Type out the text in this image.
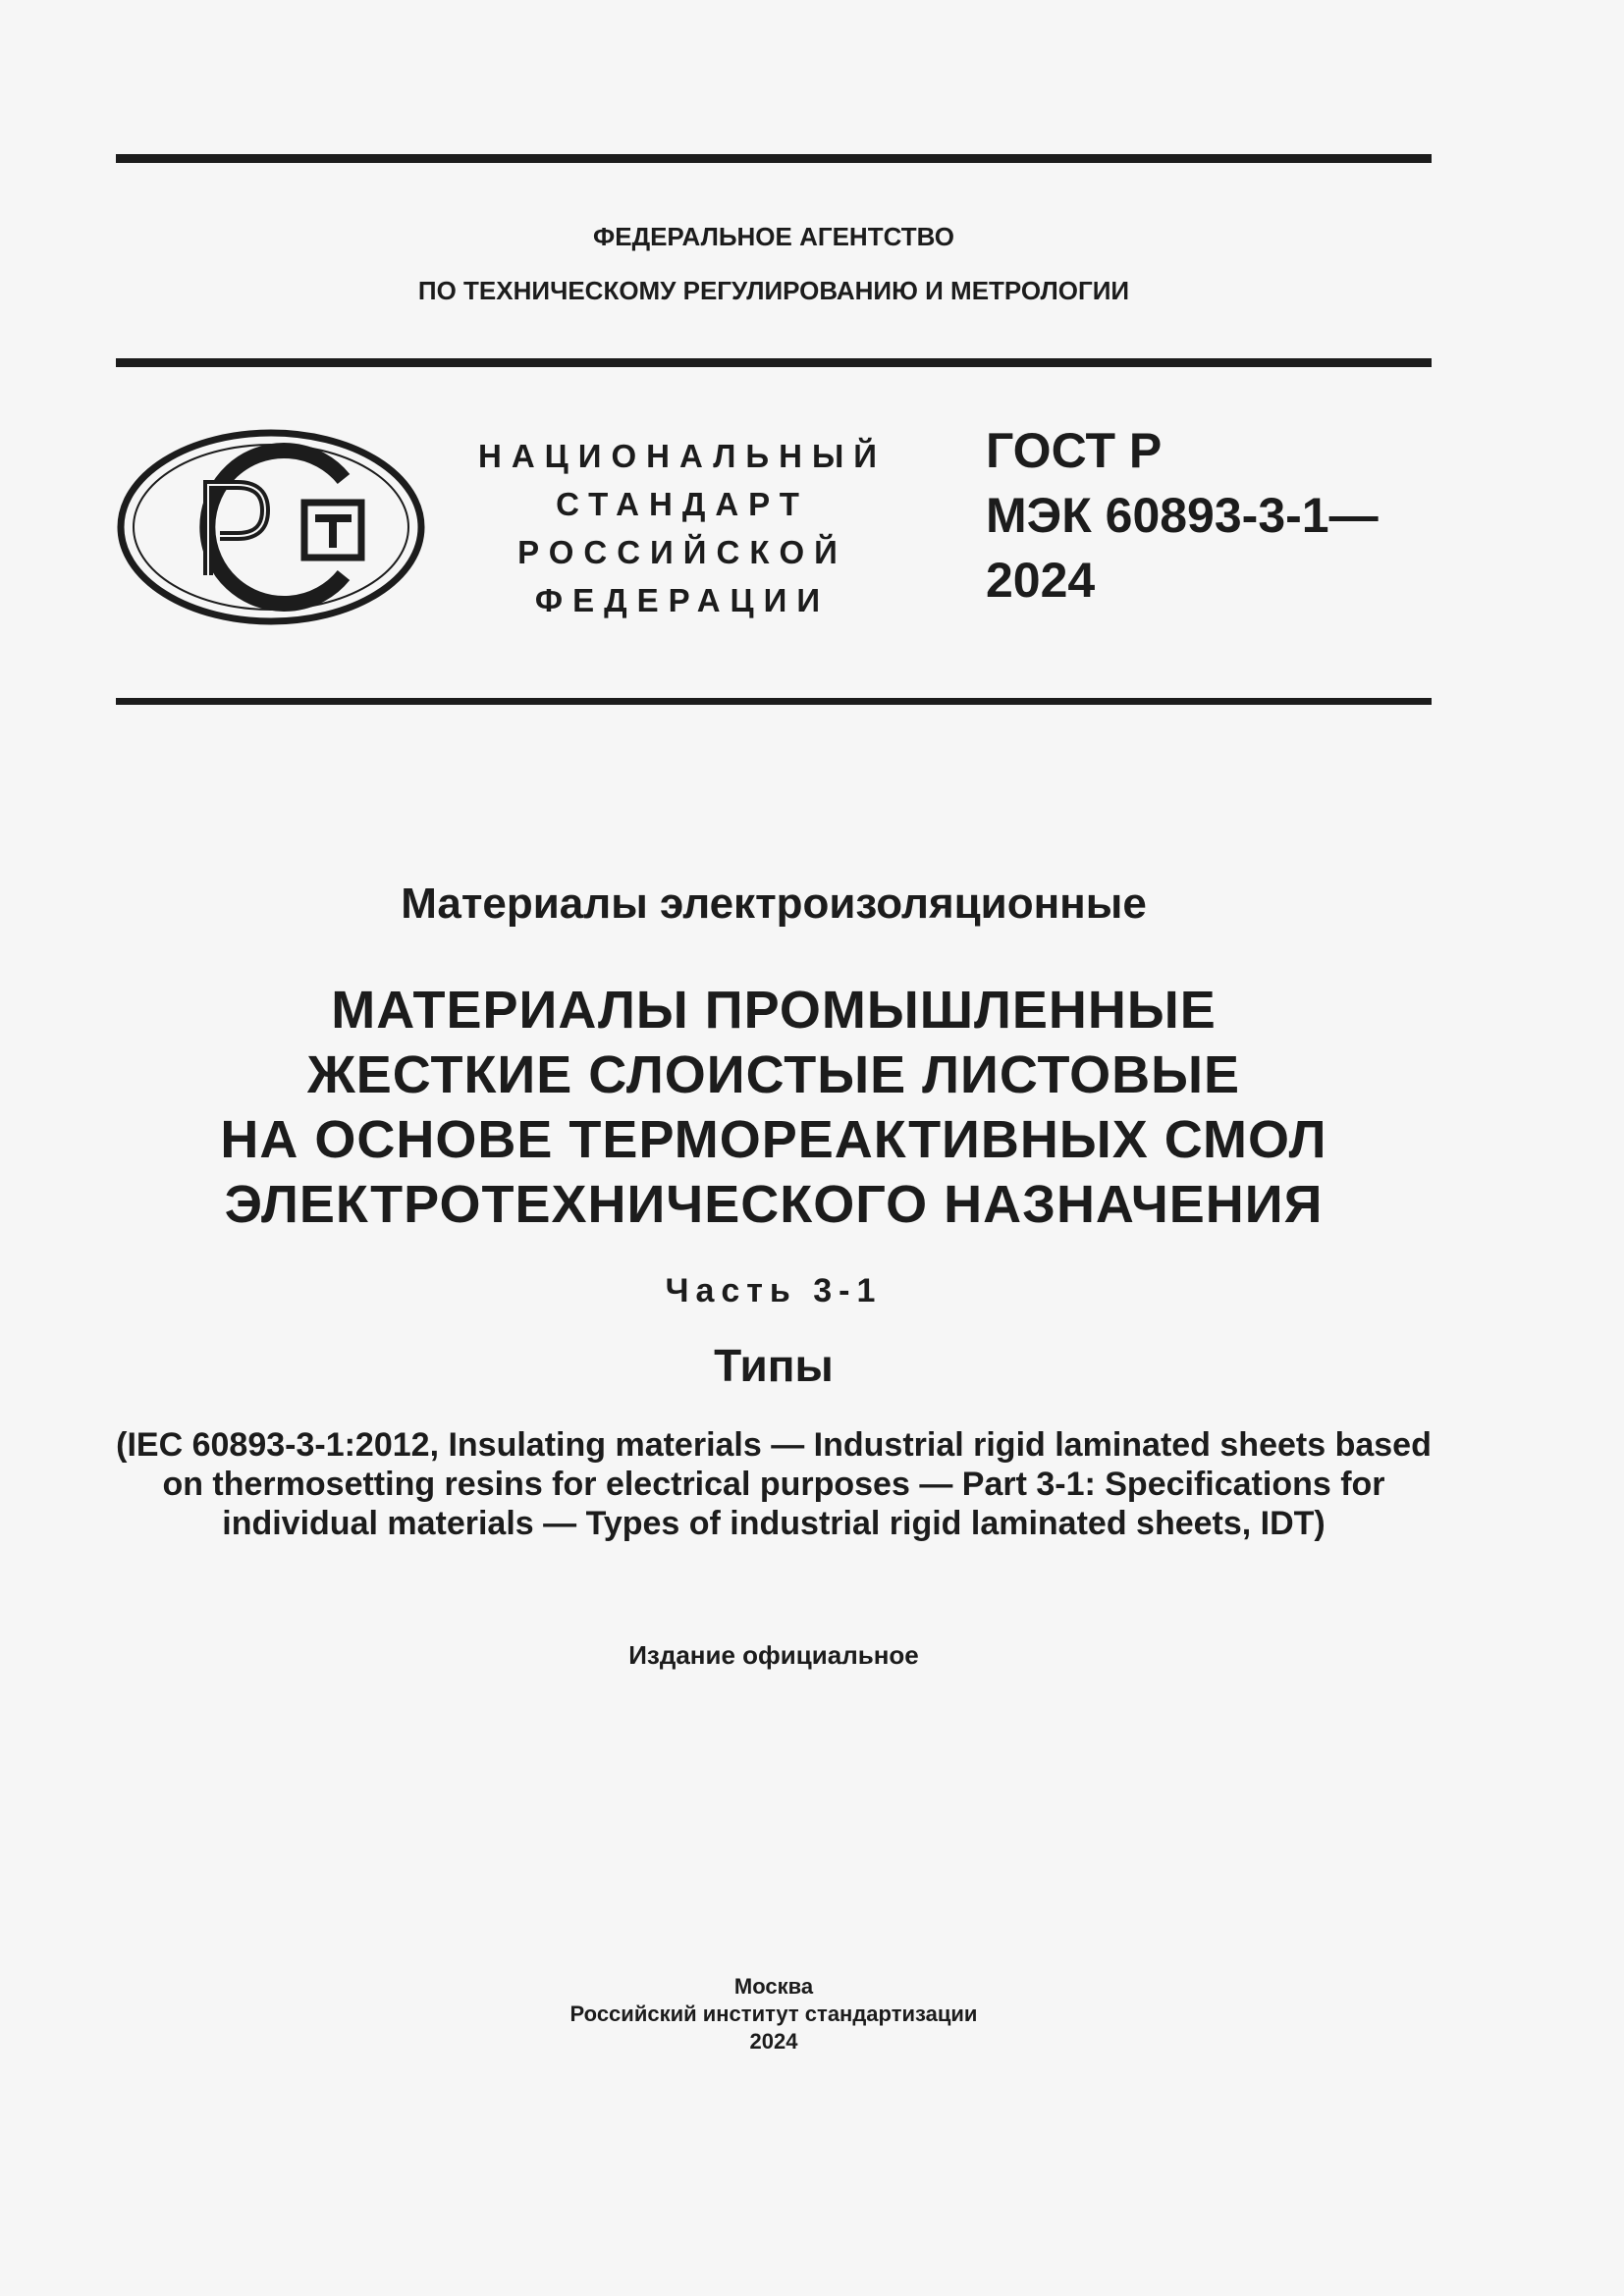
ФЕДЕРАЛЬНОЕ АГЕНТСТВО
ПО ТЕХНИЧЕСКОМУ РЕГУЛИРОВАНИЮ И МЕТРОЛОГИИ
НАЦИОНАЛЬНЫЙ
СТАНДАРТ
РОССИЙСКОЙ
ФЕДЕРАЦИИ
ГОСТ Р
МЭК 60893-3-1—
2024
Материалы электроизоляционные
МАТЕРИАЛЫ ПРОМЫШЛЕННЫЕ
ЖЕСТКИЕ СЛОИСТЫЕ ЛИСТОВЫЕ
НА ОСНОВЕ ТЕРМОРЕАКТИВНЫХ СМОЛ
ЭЛЕКТРОТЕХНИЧЕСКОГО НАЗНАЧЕНИЯ
Часть 3-1
Типы
(IEC 60893-3-1:2012, Insulating materials — Industrial rigid laminated sheets based
on thermosetting resins for electrical purposes — Part 3-1: Specifications for
individual materials — Types of industrial rigid laminated sheets, IDT)
Издание официальное
Москва
Российский институт стандартизации
2024
